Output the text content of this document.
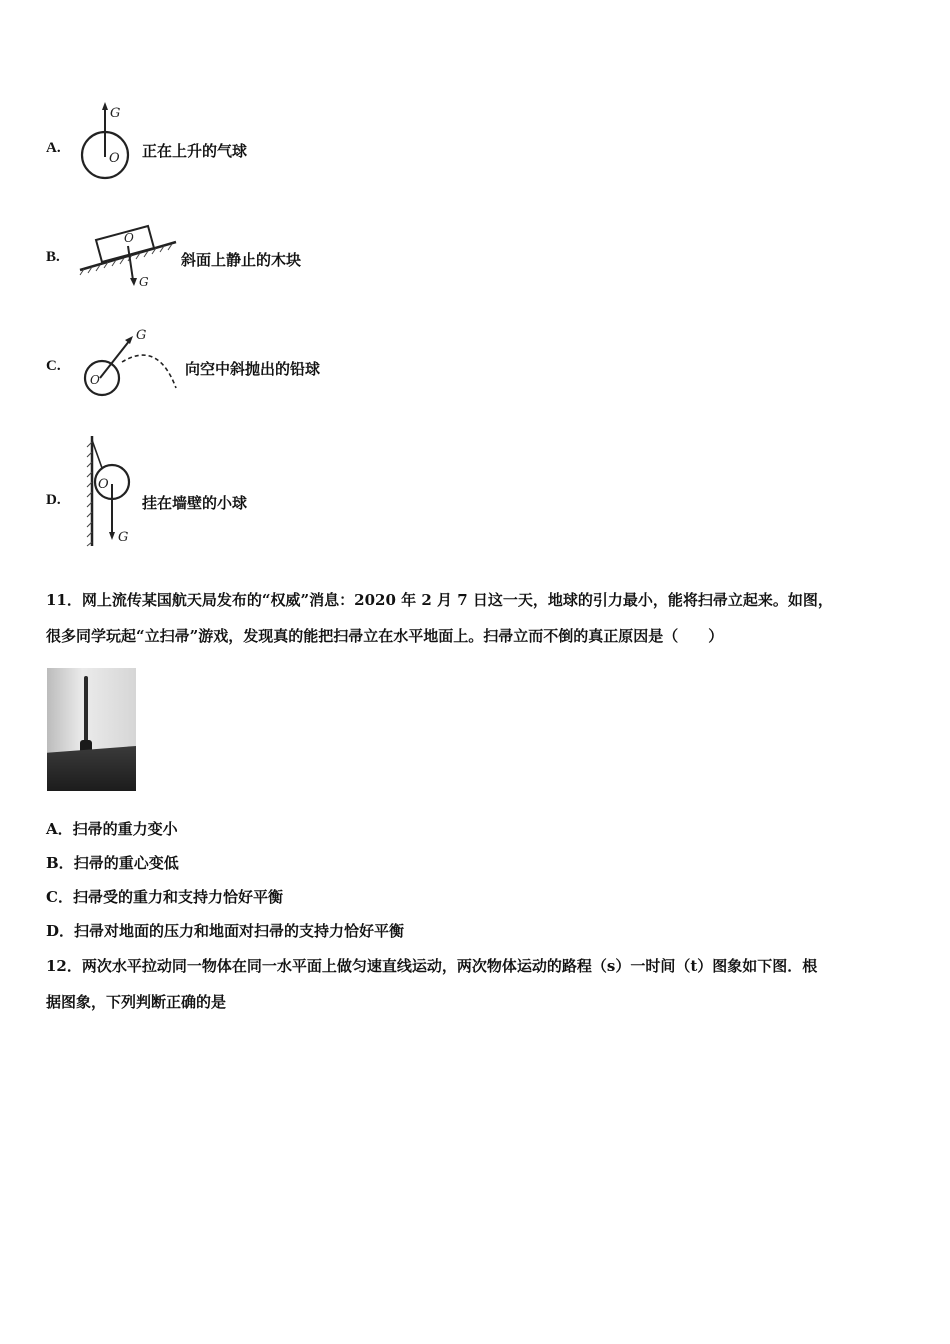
A.
G
O 正在上升的气球
B.
O
G
斜面上静止的木块
C.
G
O
向空中斜抛出的铅球
D.
O
G
挂在墙壁的小球
11．网上流传某国航天局发布的“权威”消息：2020 年 2 月 7 日这一天，地球的引力最小，能将扫帚立起来。如图，
很多同学玩起“立扫帚”游戏，发现真的能把扫帚立在水平地面上。扫帚立而不倒的真正原因是（　　）
A．扫帚的重力变小
B．扫帚的重心变低
C．扫帚受的重力和支持力恰好平衡
D．扫帚对地面的压力和地面对扫帚的支持力恰好平衡
12．两次水平拉动同一物体在同一水平面上做匀速直线运动，两次物体运动的路程（s）一时间（t）图象如下图．根
据图象，下列判断正确的是
